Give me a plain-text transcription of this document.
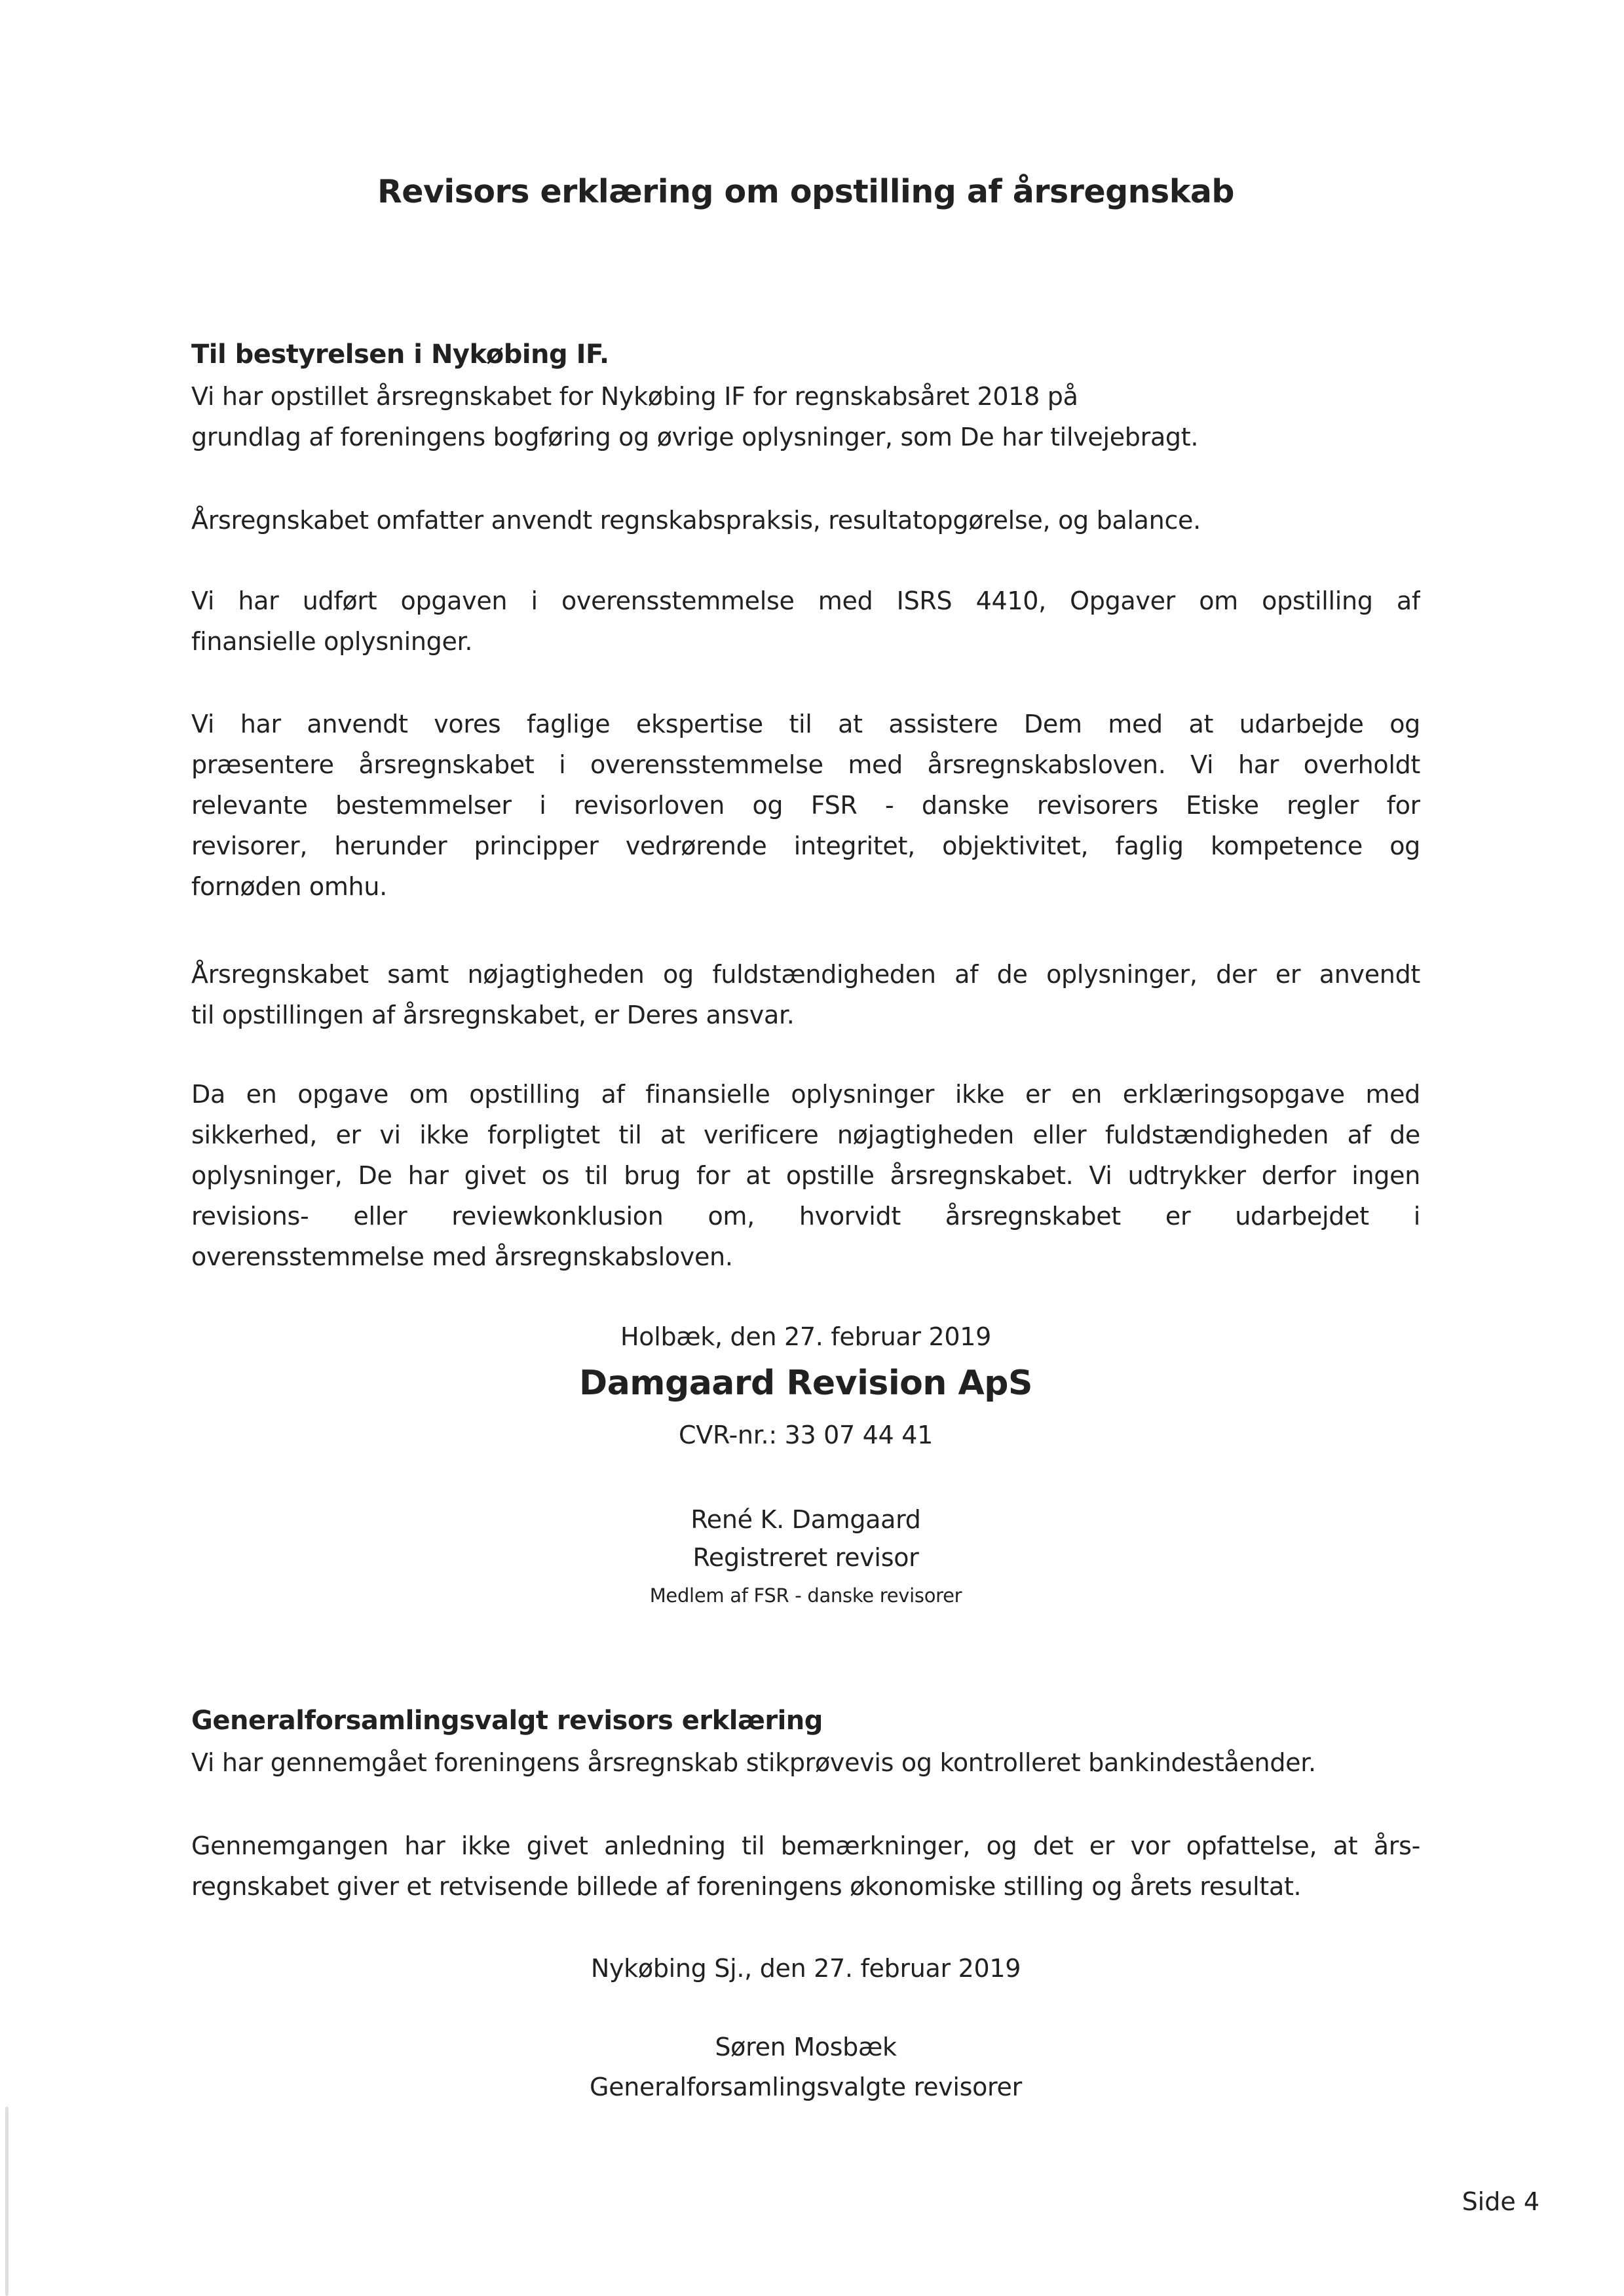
Revisors erklæring om opstilling af årsregnskab
Til bestyrelsen i Nykøbing IF.
Vi har opstillet årsregnskabet for Nykøbing IF for regnskabsåret 2018 på
grundlag af foreningens bogføring og øvrige oplysninger, som De har tilvejebragt.
Årsregnskabet omfatter anvendt regnskabspraksis, resultatopgørelse, og balance.
Vi har udført opgaven i overensstemmelse med ISRS 4410, Opgaver om opstilling af
finansielle oplysninger.
Vi har anvendt vores faglige ekspertise til at assistere Dem med at udarbejde og
præsentere årsregnskabet i overensstemmelse med årsregnskabsloven. Vi har overholdt
relevante bestemmelser i revisorloven og FSR - danske revisorers Etiske regler for
revisorer, herunder principper vedrørende integritet, objektivitet, faglig kompetence og
fornøden omhu.
Årsregnskabet samt nøjagtigheden og fuldstændigheden af de oplysninger, der er anvendt
til opstillingen af årsregnskabet, er Deres ansvar.
Da en opgave om opstilling af finansielle oplysninger ikke er en erklæringsopgave med
sikkerhed, er vi ikke forpligtet til at verificere nøjagtigheden eller fuldstændigheden af de
oplysninger, De har givet os til brug for at opstille årsregnskabet. Vi udtrykker derfor ingen
revisions- eller reviewkonklusion om, hvorvidt årsregnskabet er udarbejdet i
overensstemmelse med årsregnskabsloven.
Holbæk, den 27. februar 2019
Damgaard Revision ApS
CVR-nr.: 33 07 44 41
René K. Damgaard
Registreret revisor
Medlem af FSR - danske revisorer
Generalforsamlingsvalgt revisors erklæring
Vi har gennemgået foreningens årsregnskab stikprøvevis og kontrolleret bankindeståender.
Gennemgangen har ikke givet anledning til bemærkninger, og det er vor opfattelse, at års-
regnskabet giver et retvisende billede af foreningens økonomiske stilling og årets resultat.
Nykøbing Sj., den 27. februar 2019
Søren Mosbæk
Generalforsamlingsvalgte revisorer
Side 4
